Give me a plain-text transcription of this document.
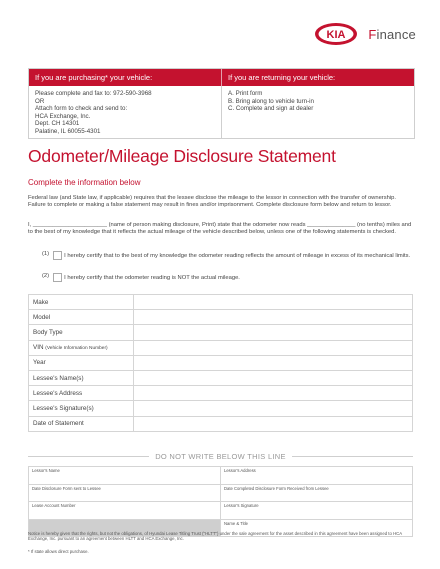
KIA Finance
If you are purchasing* your vehicle:	If you are returning your vehicle:
Please complete and fax to: 972-590-3968
OR
Attach form to check and send to:
HCA Exchange, Inc.
Dept. CH 14301
Palatine, IL 60055-4301
A. Print form
B. Bring along to vehicle turn-in
C. Complete and sign at dealer
Odometer/Mileage Disclosure Statement
Complete the information below
Federal law (and State law, if applicable) requires that the lessee disclose the mileage to the lessor in connection with the transfer of ownership. Failure to complete or making a false statement may result in fines and/or imprisonment. Complete disclosure form below and return to lessor.
I, _______________________ (name of person making disclosure, Print) state that the odometer now reads _______________ (no tenths) miles and to the best of my knowledge that it reflects the actual mileage of the vehicle described below, unless one of the following statements is checked.
(1)	I hereby certify that to the best of my knowledge the odometer reading reflects the amount of mileage in excess of its mechanical limits.
(2)	I hereby certify that the odometer reading is NOT the actual mileage.
Make	
Model	
Body Type	
VIN (Vehicle Information Number)	
Year	
Lessee's Name(s)	
Lessee's Address	
Lessee's Signature(s)	
Date of Statement	
DO NOT WRITE BELOW THIS LINE
Lessor's Name	Lessor's Address
Date Disclosure Form sent to Lessee	Date Completed Disclosure Form Received from Lessee
Lease Account Number	Lessor's Signature
	Name & Title
Notice is hereby given that the rights, but not the obligations, of Hyundai Lease Titling Trust ("HLTT") under the sale agreement for the asset described in this agreement have been assigned to HCA Exchange, Inc. pursuant to an agreement between HLTT and HCA Exchange, Inc.
* If state allows direct purchase.
